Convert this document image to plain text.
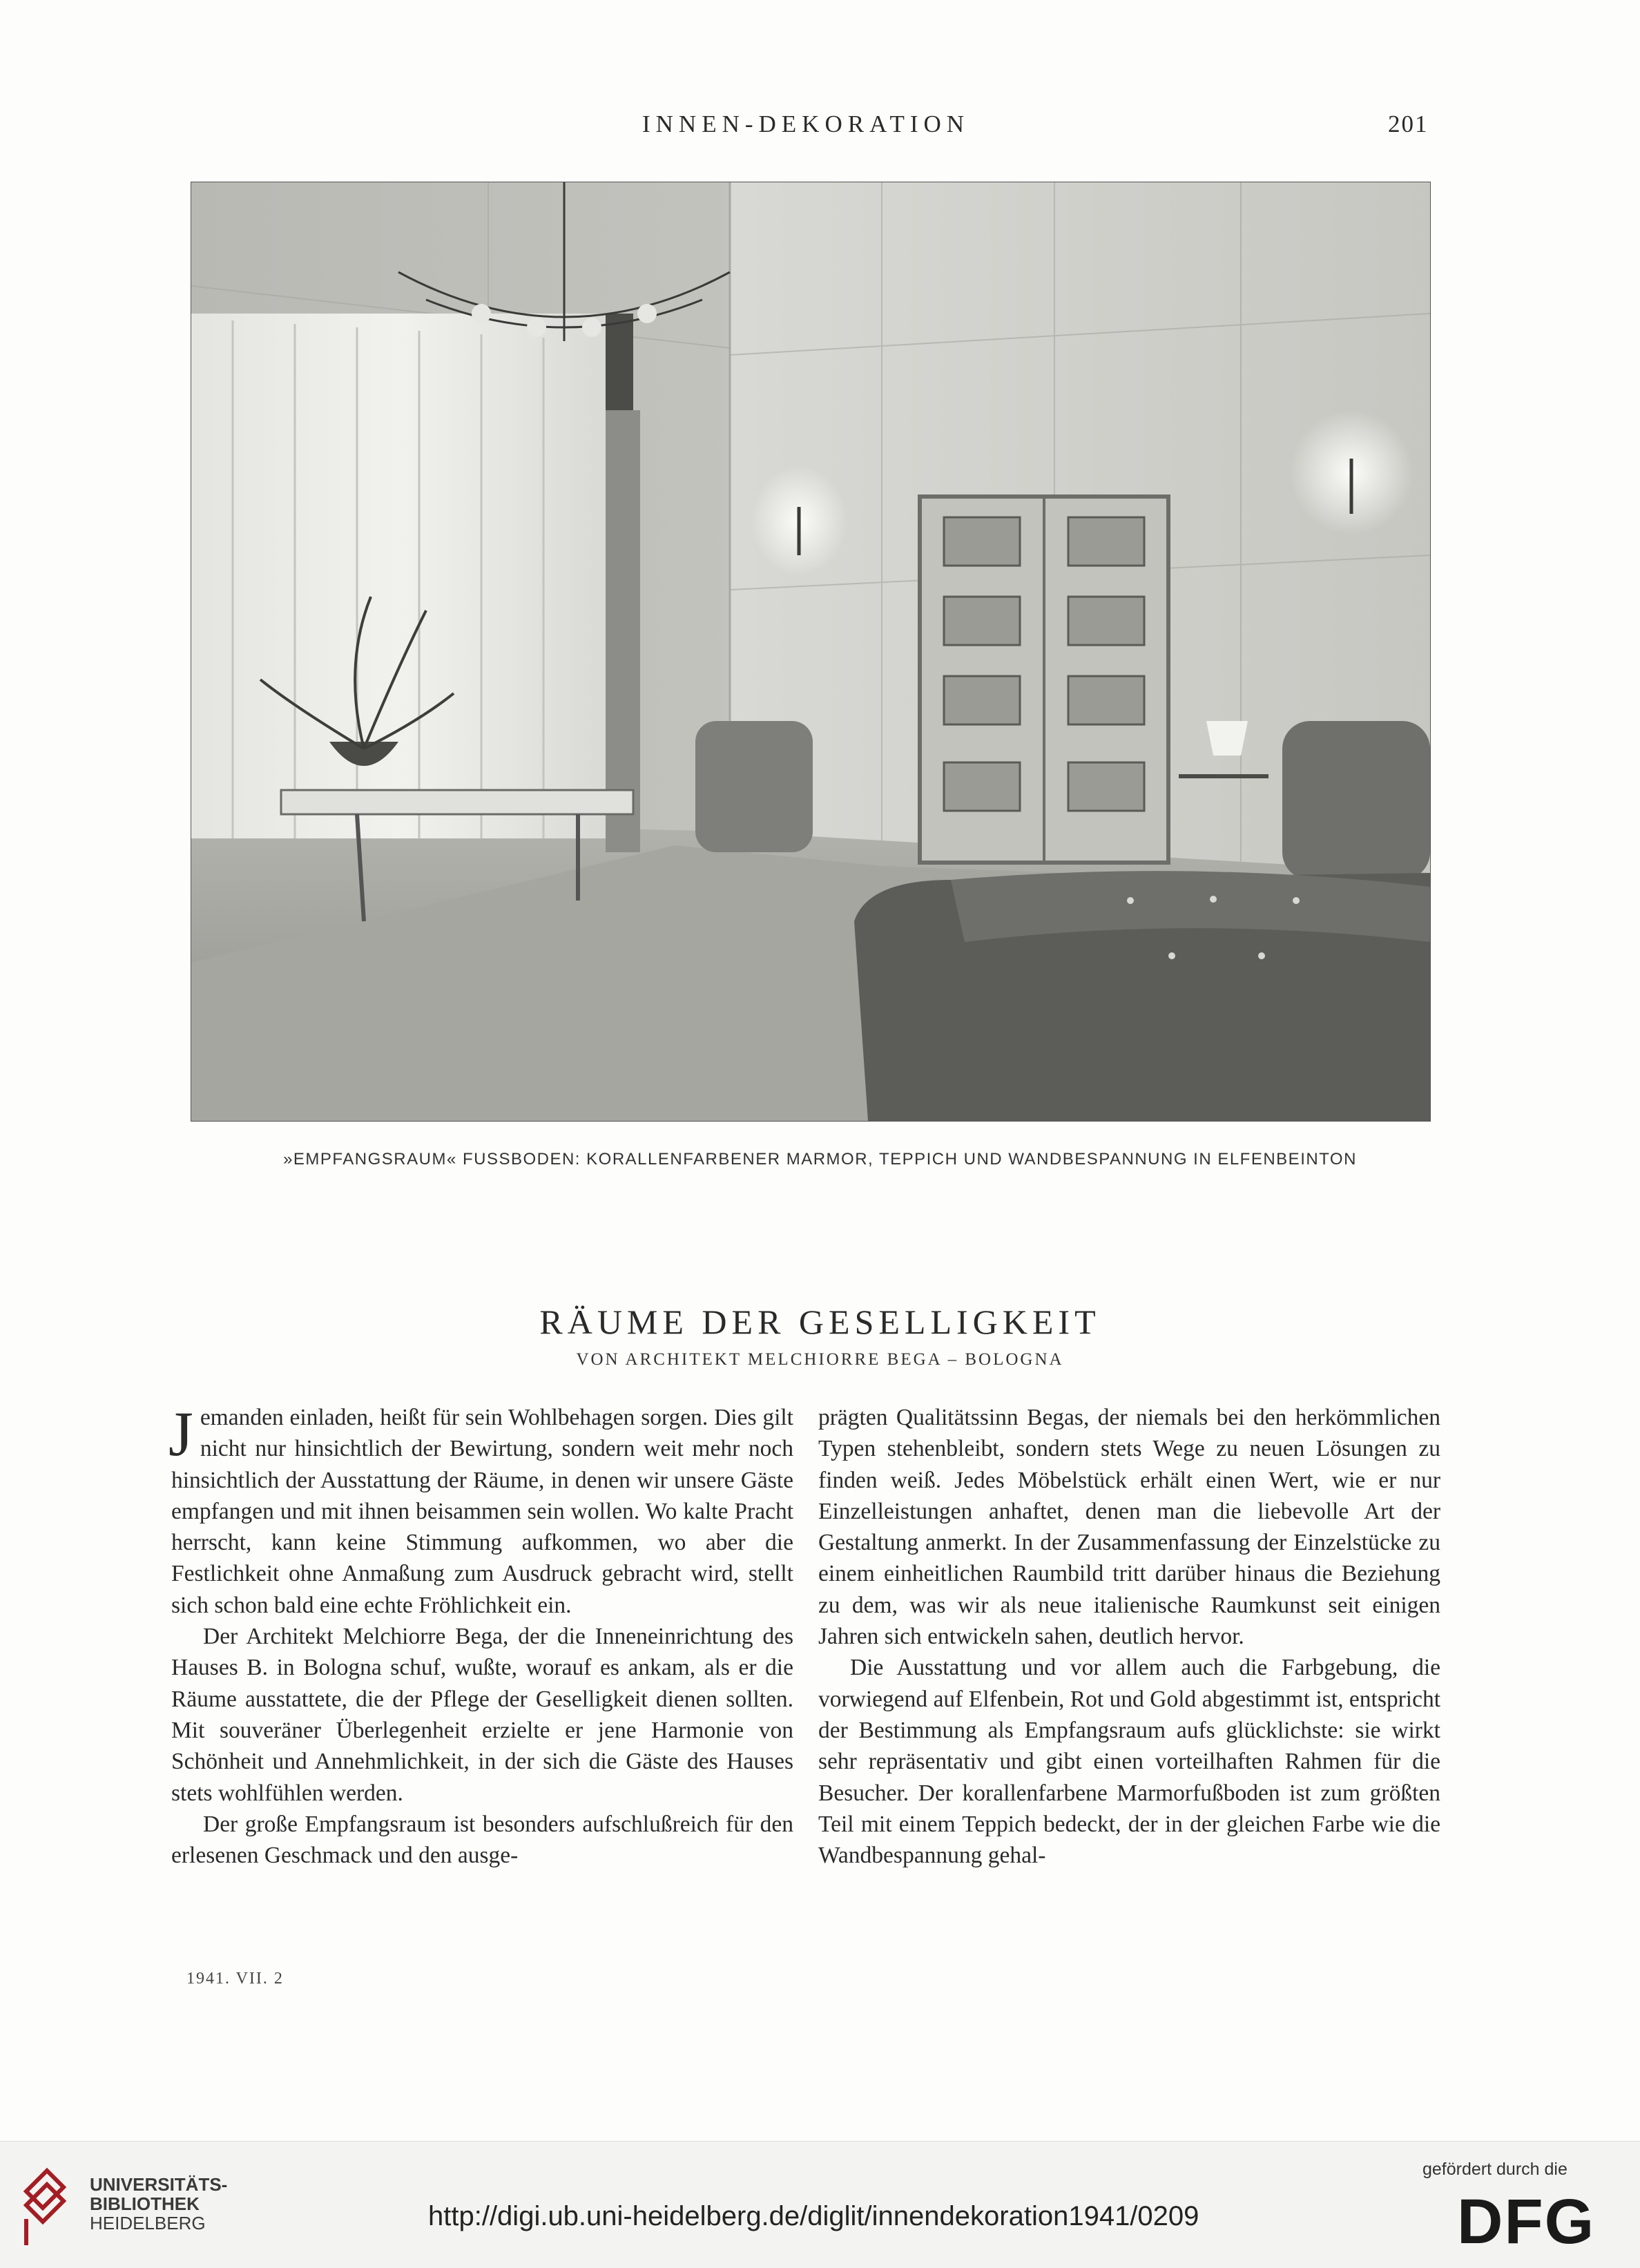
INNEN-DEKORATION	201
»EMPFANGSRAUM« FUSSBODEN: KORALLENFARBENER MARMOR, TEPPICH UND WANDBESPANNUNG IN ELFENBEINTON
RÄUME DER GESELLIGKEIT
VON ARCHITEKT MELCHIORRE BEGA – BOLOGNA

Jemanden einladen, heißt für sein Wohlbehagen sorgen. Dies gilt nicht nur hinsichtlich der Bewirtung, sondern weit mehr noch hinsichtlich der Ausstattung der Räume, in denen wir unsere Gäste empfangen und mit ihnen beisammen sein wollen. Wo kalte Pracht herrscht, kann keine Stimmung aufkommen, wo aber die Festlichkeit ohne Anmaßung zum Ausdruck gebracht wird, stellt sich schon bald eine echte Fröhlichkeit ein.

Der Architekt Melchiorre Bega, der die Inneneinrichtung des Hauses B. in Bologna schuf, wußte, worauf es ankam, als er die Räume ausstattete, die der Pflege der Geselligkeit dienen sollten. Mit souveräner Überlegenheit erzielte er jene Harmonie von Schönheit und Annehmlichkeit, in der sich die Gäste des Hauses stets wohlfühlen werden.

Der große Empfangsraum ist besonders aufschlußreich für den erlesenen Geschmack und den ausge-

prägten Qualitätssinn Begas, der niemals bei den herkömmlichen Typen stehenbleibt, sondern stets Wege zu neuen Lösungen zu finden weiß. Jedes Möbelstück erhält einen Wert, wie er nur Einzelleistungen anhaftet, denen man die liebevolle Art der Gestaltung anmerkt. In der Zusammenfassung der Einzelstücke zu einem einheitlichen Raumbild tritt darüber hinaus die Beziehung zu dem, was wir als neue italienische Raumkunst seit einigen Jahren sich entwickeln sahen, deutlich hervor.

Die Ausstattung und vor allem auch die Farbgebung, die vorwiegend auf Elfenbein, Rot und Gold abgestimmt ist, entspricht der Bestimmung als Empfangsraum aufs glücklichste: sie wirkt sehr repräsentativ und gibt einen vorteilhaften Rahmen für die Besucher. Der korallenfarbene Marmorfußboden ist zum größten Teil mit einem Teppich bedeckt, der in der gleichen Farbe wie die Wandbespannung gehal-

1941. VII. 2
UNIVERSITÄTS-
BIBLIOTHEK
HEIDELBERG	http://digi.ub.uni-heidelberg.de/diglit/innendekoration1941/0209
gefördert durch die
DFG
